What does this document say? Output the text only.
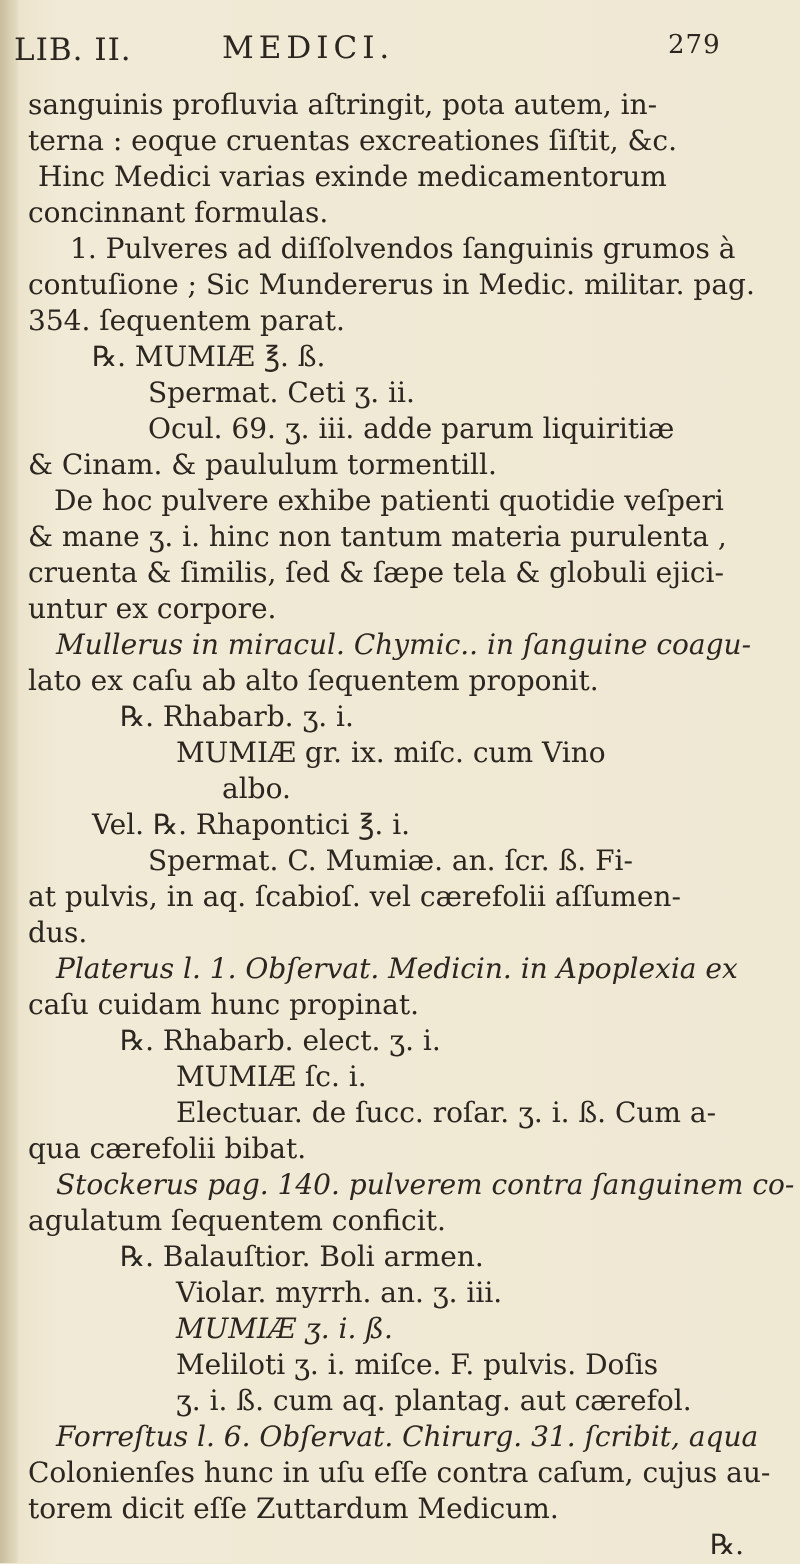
LIB. II.	MEDICI.	279
sanguinis profluvia aſtringit, pota autem, in-
terna : eoque cruentas excreationes ſiſtit, &c.
Hinc Medici varias exinde medicamentorum
concinnant formulas.
1. Pulveres ad diſſolvendos ſanguinis grumos à
contuſione ; Sic Mundererus in Medic. militar. pag.
354. ſequentem parat.
℞. MUMIÆ ℥. ß.
Spermat. Ceti ʒ. ii.
Ocul. 69. ʒ. iii. adde parum liquiritiæ
& Cinam. & paululum tormentill.
De hoc pulvere exhibe patienti quotidie veſperi
& mane ʒ. i. hinc non tantum materia purulenta ,
cruenta & ſimilis, ſed & ſæpe tela & globuli ejici-
untur ex corpore.
Mullerus in miracul. Chymic.. in ſanguine coagu-
lato ex caſu ab alto ſequentem proponit.
℞. Rhabarb. ʒ. i.
MUMIÆ gr. ix. miſc. cum Vino
albo.
Vel. ℞. Rhapontici ℥. i.
Spermat. C. Mumiæ. an. ſcr. ß. Fi-
at pulvis, in aq. ſcabioſ. vel cærefolii aſſumen-
dus.
Platerus l. 1. Obſervat. Medicin. in Apoplexia ex
caſu cuidam hunc propinat.
℞. Rhabarb. elect. ʒ. i.
MUMIÆ ſc. i.
Electuar. de ſucc. roſar. ʒ. i. ß. Cum a-
qua cærefolii bibat.
Stockerus pag. 140. pulverem contra ſanguinem co-
agulatum ſequentem conficit.
℞. Balauſtior. Boli armen.
Violar. myrrh. an. ʒ. iii.
MUMIÆ ʒ. i. ß.
Meliloti ʒ. i. miſce. F. pulvis. Doſis
ʒ. i. ß. cum aq. plantag. aut cærefol.
Forreſtus l. 6. Obſervat. Chirurg. 31. ſcribit, aqua
Colonienſes hunc in uſu eſſe contra caſum, cujus au-
torem dicit eſſe Zuttardum Medicum.
℞.
